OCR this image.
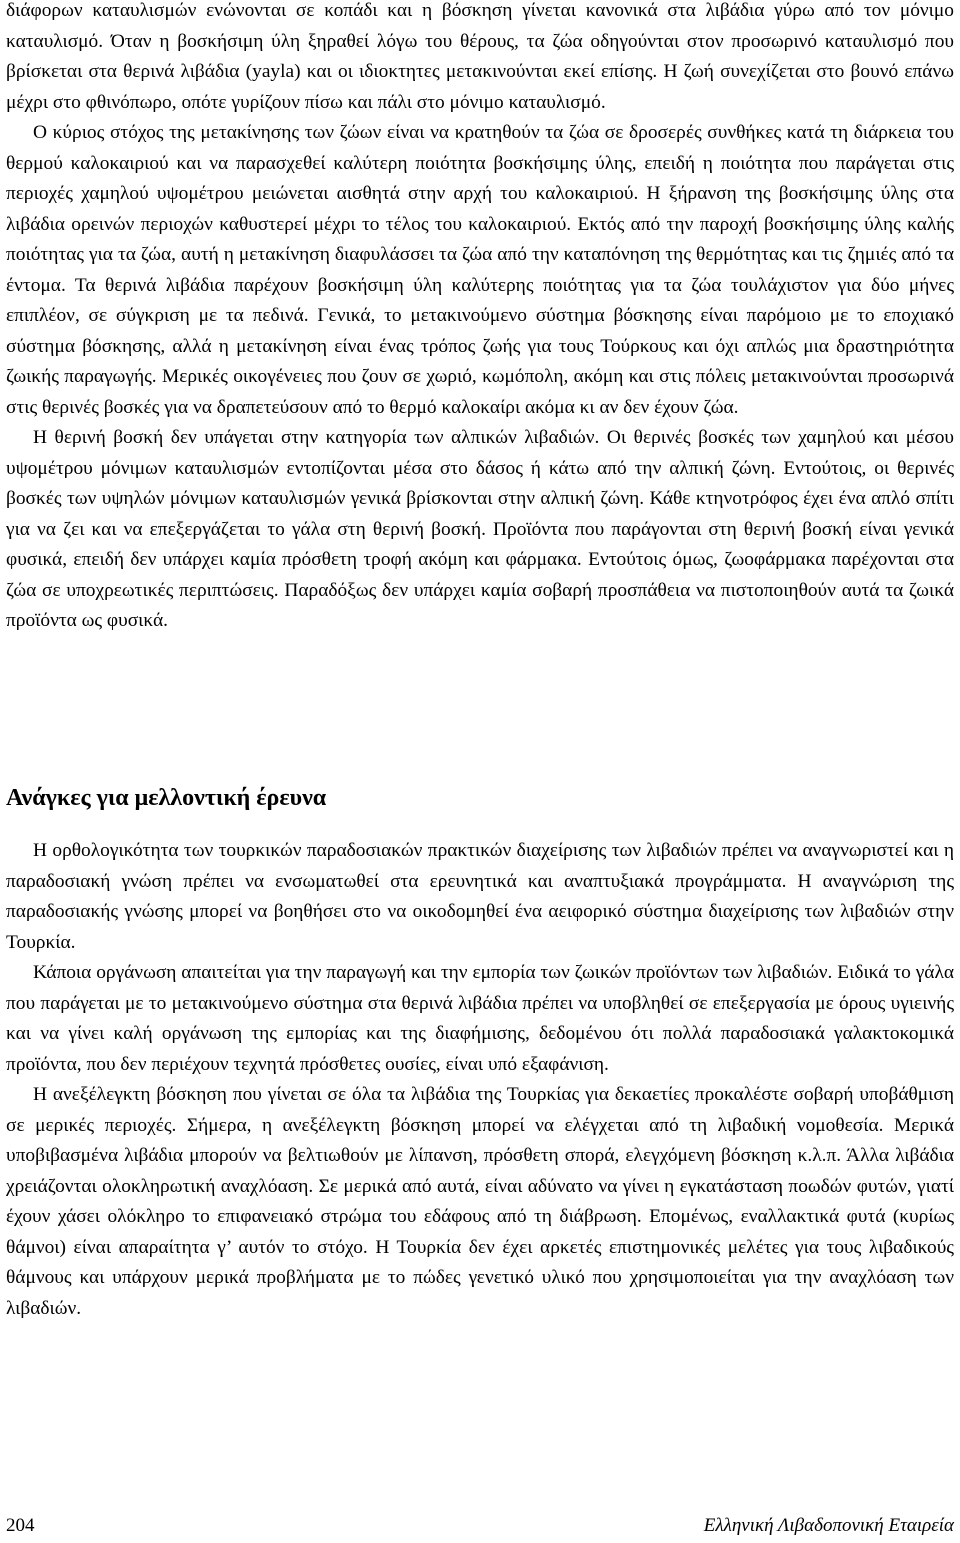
διάφορων καταυλισμών ενώνονται σε κοπάδι και η βόσκηση γίνεται κανονικά στα λιβάδια γύρω από τον μόνιμο καταυλισμό. Όταν η βοσκήσιμη ύλη ξηραθεί λόγω του θέρους, τα ζώα οδηγούνται στον προσωρινό καταυλισμό που βρίσκεται στα θερινά λιβάδια (yayla) και οι ιδιοκτητες μετακινούνται εκεί επίσης. Η ζωή συνεχίζεται στο βουνό επάνω μέχρι στο φθινόπωρο, οπότε γυρίζουν πίσω και πάλι στο μόνιμο καταυλισμό.

Ο κύριος στόχος της μετακίνησης των ζώων είναι να κρατηθούν τα ζώα σε δροσερές συνθήκες κατά τη διάρκεια του θερμού καλοκαιριού και να παρασχεθεί καλύτερη ποιότητα βοσκήσιμης ύλης, επειδή η ποιότητα που παράγεται στις περιοχές χαμηλού υψομέτρου μειώνεται αισθητά στην αρχή του καλοκαιριού. Η ξήρανση της βοσκήσιμης ύλης στα λιβάδια ορεινών περιοχών καθυστερεί μέχρι το τέλος του καλοκαιριού. Εκτός από την παροχή βοσκήσιμης ύλης καλής ποιότητας για τα ζώα, αυτή η μετακίνηση διαφυλάσσει τα ζώα από την καταπόνηση της θερμότητας και τις ζημιές από τα έντομα. Τα θερινά λιβάδια παρέχουν βοσκήσιμη ύλη καλύτερης ποιότητας για τα ζώα τουλάχιστον για δύο μήνες επιπλέον, σε σύγκριση με τα πεδινά. Γενικά, το μετακινούμενο σύστημα βόσκησης είναι παρόμοιο με το εποχιακό σύστημα βόσκησης, αλλά η μετακίνηση είναι ένας τρόπος ζωής για τους Τούρκους και όχι απλώς μια δραστηριότητα ζωικής παραγωγής. Μερικές οικογένειες που ζουν σε χωριό, κωμόπολη, ακόμη και στις πόλεις μετακινούνται προσωρινά στις θερινές βοσκές για να δραπετεύσουν από το θερμό καλοκαίρι ακόμα κι αν δεν έχουν ζώα.

Η θερινή βοσκή δεν υπάγεται στην κατηγορία των αλπικών λιβαδιών. Οι θερινές βοσκές των χαμηλού και μέσου υψομέτρου μόνιμων καταυλισμών εντοπίζονται μέσα στο δάσος ή κάτω από την αλπική ζώνη. Εντούτοις, οι θερινές βοσκές των υψηλών μόνιμων καταυλισμών γενικά βρίσκονται στην αλπική ζώνη. Κάθε κτηνοτρόφος έχει ένα απλό σπίτι για να ζει και να επεξεργάζεται το γάλα στη θερινή βοσκή. Προϊόντα που παράγονται στη θερινή βοσκή είναι γενικά φυσικά, επειδή δεν υπάρχει καμία πρόσθετη τροφή ακόμη και φάρμακα. Εντούτοις όμως, ζωοφάρμακα παρέχονται στα ζώα σε υποχρεωτικές περιπτώσεις. Παραδόξως δεν υπάρχει καμία σοβαρή προσπάθεια να πιστοποιηθούν αυτά τα ζωικά προϊόντα ως φυσικά.

Ανάγκες για μελλοντική έρευνα

Η ορθολογικότητα των τουρκικών παραδοσιακών πρακτικών διαχείρισης των λιβαδιών πρέπει να αναγνωριστεί και η παραδοσιακή γνώση πρέπει να ενσωματωθεί στα ερευνητικά και αναπτυξιακά προγράμματα. Η αναγνώριση της παραδοσιακής γνώσης μπορεί να βοηθήσει στο να οικοδομηθεί ένα αειφορικό σύστημα διαχείρισης των λιβαδιών στην Τουρκία.

Κάποια οργάνωση απαιτείται για την παραγωγή και την εμπορία των ζωικών προϊόντων των λιβαδιών. Ειδικά το γάλα που παράγεται με το μετακινούμενο σύστημα στα θερινά λιβάδια πρέπει να υποβληθεί σε επεξεργασία με όρους υγιεινής και να γίνει καλή οργάνωση της εμπορίας και της διαφήμισης, δεδομένου ότι πολλά παραδοσιακά γαλακτοκομικά προϊόντα, που δεν περιέχουν τεχνητά πρόσθετες ουσίες, είναι υπό εξαφάνιση.

Η ανεξέλεγκτη βόσκηση που γίνεται σε όλα τα λιβάδια της Τουρκίας για δεκαετίες προκαλέστε σοβαρή υποβάθμιση σε μερικές περιοχές. Σήμερα, η ανεξέλεγκτη βόσκηση μπορεί να ελέγχεται από τη λιβαδική νομοθεσία. Μερικά υποβιβασμένα λιβάδια μπορούν να βελτιωθούν με λίπανση, πρόσθετη σπορά, ελεγχόμενη βόσκηση κ.λ.π. Άλλα λιβάδια χρειάζονται ολοκληρωτική αναχλόαση. Σε μερικά από αυτά, είναι αδύνατο να γίνει η εγκατάσταση ποωδών φυτών, γιατί έχουν χάσει ολόκληρο το επιφανειακό στρώμα του εδάφους από τη διάβρωση. Επομένως, εναλλακτικά φυτά (κυρίως θάμνοι) είναι απαραίτητα γ’ αυτόν το στόχο. Η Τουρκία δεν έχει αρκετές επιστημονικές μελέτες για τους λιβαδικούς θάμνους και υπάρχουν μερικά προβλήματα με το πώδες γενετικό υλικό που χρησιμοποιείται για την αναχλόαση των λιβαδιών.

204	Ελληνική Λιβαδοπονική Εταιρεία
